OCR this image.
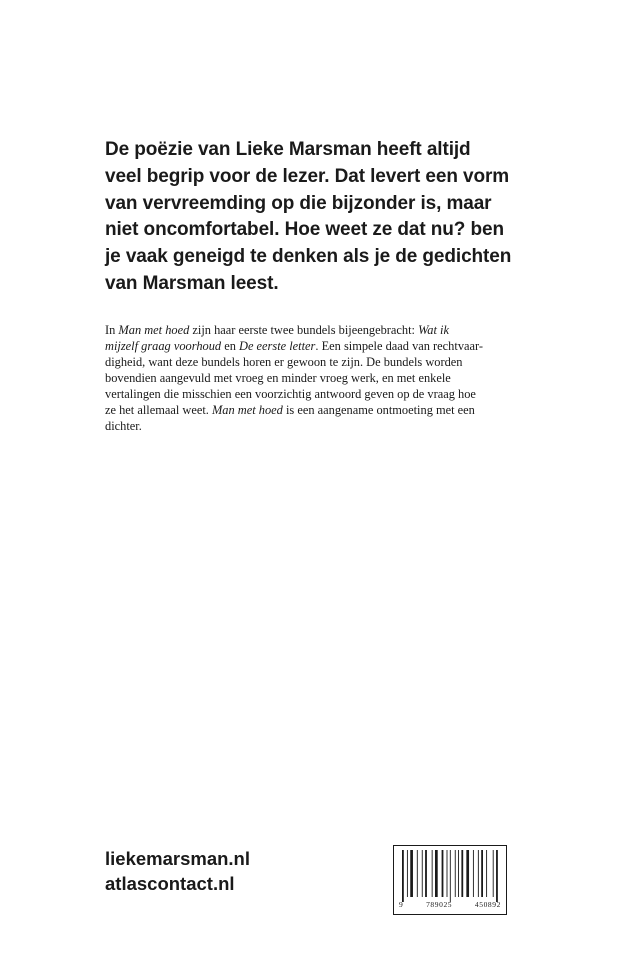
De poëzie van Lieke Marsman heeft altijd
veel begrip voor de lezer. Dat levert een vorm
van vervreemding op die bijzonder is, maar
niet oncomfortabel. Hoe weet ze dat nu? ben
je vaak geneigd te denken als je de gedichten
van Marsman leest.
In Man met hoed zijn haar eerste twee bundels bijeengebracht: Wat ik
mijzelf graag voorhoud en De eerste letter. Een simpele daad van rechtvaar-
digheid, want deze bundels horen er gewoon te zijn. De bundels worden
bovendien aangevuld met vroeg en minder vroeg werk, en met enkele
vertalingen die misschien een voorzichtig antwoord geven op de vraag hoe
ze het allemaal weet. Man met hoed is een aangename ontmoeting met een
dichter.
liekemarsman.nl
atlascontact.nl
9	789025	450892
